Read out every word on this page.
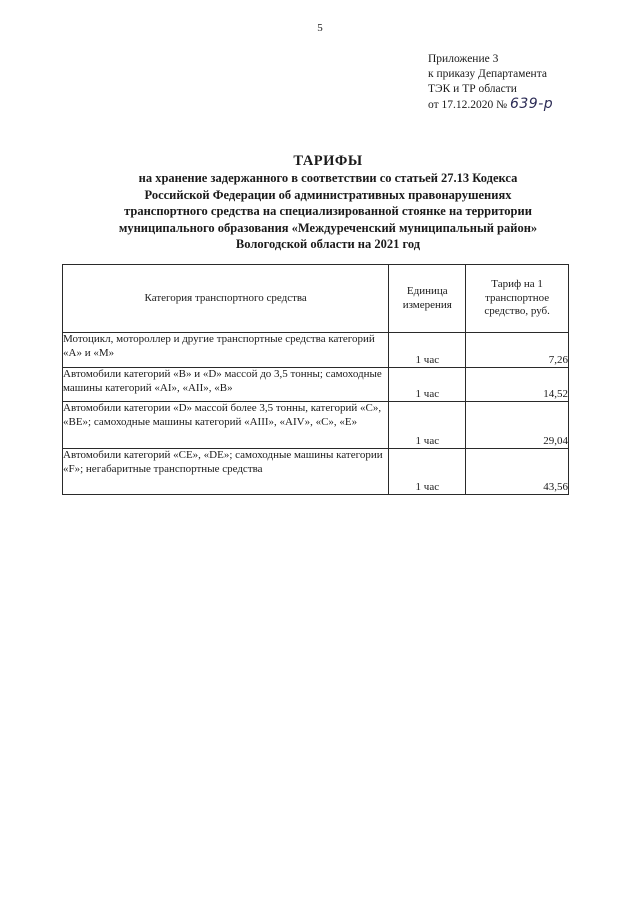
5
Приложение 3
к приказу Департамента
ТЭК и ТР области
от 17.12.2020 № 639-р
ТАРИФЫ
на хранение задержанного в соответствии со статьей 27.13 Кодекса
Российской Федерации об административных правонарушениях
транспортного средства на специализированной стоянке на территории
муниципального образования «Междуреченский муниципальный район»
Вологодской области на 2021 год
Категория транспортного средства	Единица измерения	Тариф на 1 транспортное средство, руб.
Мотоцикл, мотороллер и другие транспортные средства категорий «А» и «М»	1 час	7,26
Автомобили категорий «В» и «D» массой до 3,5 тонны; самоходные машины категорий «AI», «AII», «В»	1 час	14,52
Автомобили категории «D» массой более 3,5 тонны, категорий «С», «ВЕ»; самоходные машины категорий «AIII», «AIV», «С», «Е»	1 час	29,04
Автомобили категорий «СЕ», «DE»; самоходные машины категории «F»; негабаритные транспортные средства	1 час	43,56
